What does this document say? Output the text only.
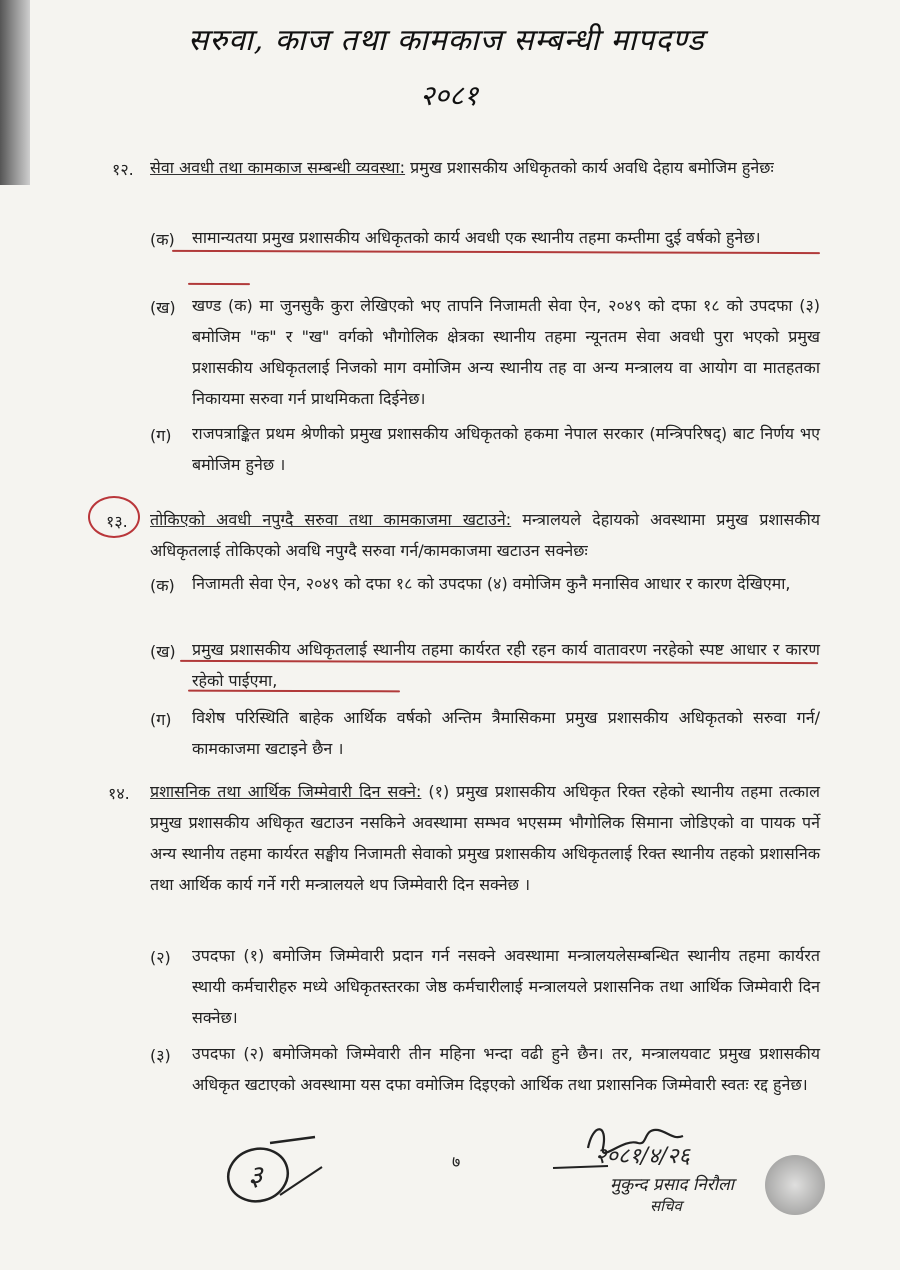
सरुवा, काज तथा कामकाज सम्बन्धी मापदण्ड
२०८१
१२. सेवा अवधी तथा कामकाज सम्बन्धी व्यवस्था: प्रमुख प्रशासकीय अधिकृतको कार्य अवधि देहाय बमोजिम हुनेछः
(क) सामान्यतया प्रमुख प्रशासकीय अधिकृतको कार्य अवधी एक स्थानीय तहमा कम्तीमा दुई वर्षको हुनेछ।
(ख) खण्ड (क) मा जुनसुकै कुरा लेखिएको भए तापनि निजामती सेवा ऐन, २०४९ को दफा १८ को उपदफा (३) बमोजिम "क" र "ख" वर्गको भौगोलिक क्षेत्रका स्थानीय तहमा न्यूनतम सेवा अवधी पुरा भएको प्रमुख प्रशासकीय अधिकृतलाई निजको माग वमोजिम अन्य स्थानीय तह वा अन्य मन्त्रालय वा आयोग वा मातहतका निकायमा सरुवा गर्न प्राथमिकता दिईनेछ।
(ग) राजपत्राङ्कित प्रथम श्रेणीको प्रमुख प्रशासकीय अधिकृतको हकमा नेपाल सरकार (मन्त्रिपरिषद्) बाट निर्णय भए बमोजिम हुनेछ ।
१३. तोकिएको अवधी नपुग्दै सरुवा तथा कामकाजमा खटाउने: मन्त्रालयले देहायको अवस्थामा प्रमुख प्रशासकीय अधिकृतलाई तोकिएको अवधि नपुग्दै सरुवा गर्न/कामकाजमा खटाउन सक्नेछः
(क) निजामती सेवा ऐन, २०४९ को दफा १८ को उपदफा (४) वमोजिम कुनै मनासिव आधार र कारण देखिएमा,
(ख) प्रमुख प्रशासकीय अधिकृतलाई स्थानीय तहमा कार्यरत रही रहन कार्य वातावरण नरहेको स्पष्ट आधार र कारण रहेको पाईएमा,
(ग) विशेष परिस्थिति बाहेक आर्थिक वर्षको अन्तिम त्रैमासिकमा प्रमुख प्रशासकीय अधिकृतको सरुवा गर्न/कामकाजमा खटाइने छैन ।
१४. प्रशासनिक तथा आर्थिक जिम्मेवारी दिन सक्ने: (१) प्रमुख प्रशासकीय अधिकृत रिक्त रहेको स्थानीय तहमा तत्काल प्रमुख प्रशासकीय अधिकृत खटाउन नसकिने अवस्थामा सम्भव भएसम्म भौगोलिक सिमाना जोडिएको वा पायक पर्ने अन्य स्थानीय तहमा कार्यरत सङ्घीय निजामती सेवाको प्रमुख प्रशासकीय अधिकृतलाई रिक्त स्थानीय तहको प्रशासनिक तथा आर्थिक कार्य गर्ने गरी मन्त्रालयले थप जिम्मेवारी दिन सक्नेछ ।
(२) उपदफा (१) बमोजिम जिम्मेवारी प्रदान गर्न नसक्ने अवस्थामा मन्त्रालयलेसम्बन्धित स्थानीय तहमा कार्यरत स्थायी कर्मचारीहरु मध्ये अधिकृतस्तरका जेष्ठ कर्मचारीलाई मन्त्रालयले प्रशासनिक तथा आर्थिक जिम्मेवारी दिन सक्नेछ।
(३) उपदफा (२) बमोजिमको जिम्मेवारी तीन महिना भन्दा वढी हुने छैन। तर, मन्त्रालयवाट प्रमुख प्रशासकीय अधिकृत खटाएको अवस्थामा यस दफा वमोजिम दिइएको आर्थिक तथा प्रशासनिक जिम्मेवारी स्वतः रद्द हुनेछ।
३	७	२०८१/४/२६
मुकुन्द प्रसाद निरौला
सचिव
